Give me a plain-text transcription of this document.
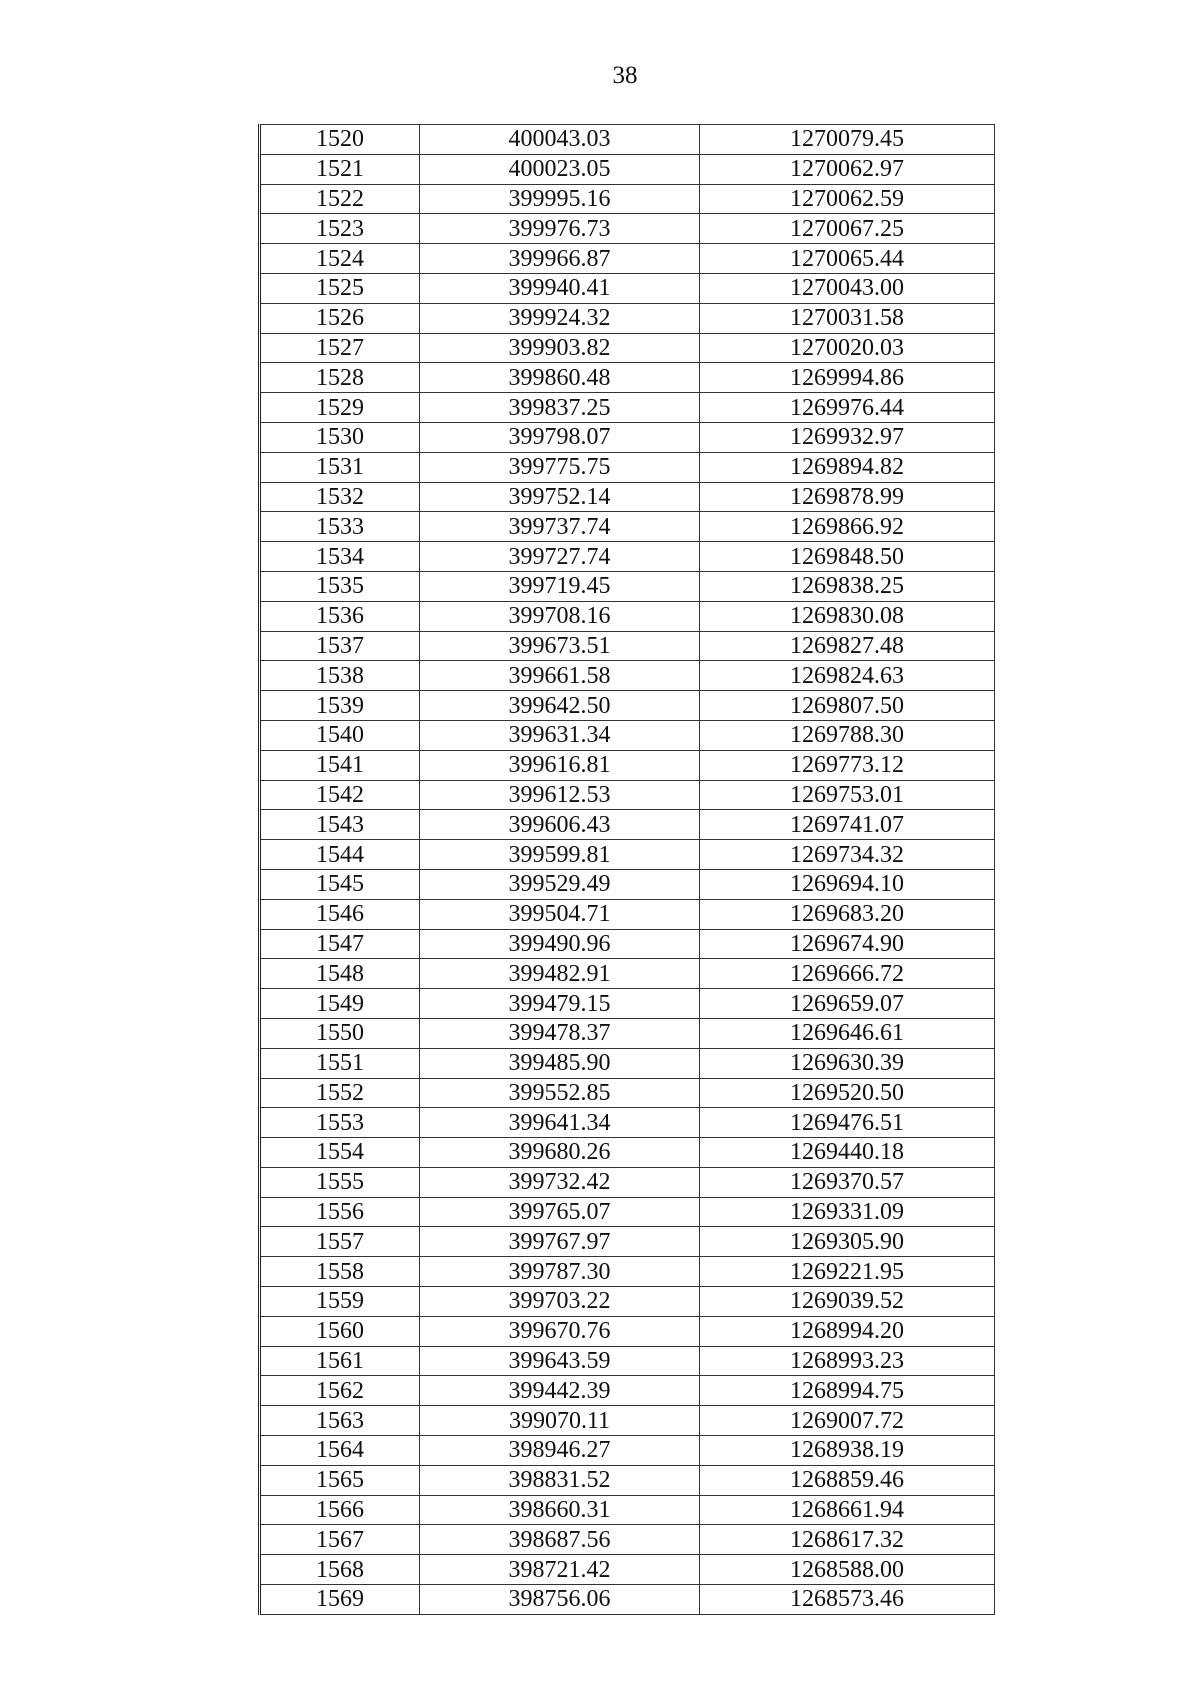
38
1520	400043.03	1270079.45
1521	400023.05	1270062.97
1522	399995.16	1270062.59
1523	399976.73	1270067.25
1524	399966.87	1270065.44
1525	399940.41	1270043.00
1526	399924.32	1270031.58
1527	399903.82	1270020.03
1528	399860.48	1269994.86
1529	399837.25	1269976.44
1530	399798.07	1269932.97
1531	399775.75	1269894.82
1532	399752.14	1269878.99
1533	399737.74	1269866.92
1534	399727.74	1269848.50
1535	399719.45	1269838.25
1536	399708.16	1269830.08
1537	399673.51	1269827.48
1538	399661.58	1269824.63
1539	399642.50	1269807.50
1540	399631.34	1269788.30
1541	399616.81	1269773.12
1542	399612.53	1269753.01
1543	399606.43	1269741.07
1544	399599.81	1269734.32
1545	399529.49	1269694.10
1546	399504.71	1269683.20
1547	399490.96	1269674.90
1548	399482.91	1269666.72
1549	399479.15	1269659.07
1550	399478.37	1269646.61
1551	399485.90	1269630.39
1552	399552.85	1269520.50
1553	399641.34	1269476.51
1554	399680.26	1269440.18
1555	399732.42	1269370.57
1556	399765.07	1269331.09
1557	399767.97	1269305.90
1558	399787.30	1269221.95
1559	399703.22	1269039.52
1560	399670.76	1268994.20
1561	399643.59	1268993.23
1562	399442.39	1268994.75
1563	399070.11	1269007.72
1564	398946.27	1268938.19
1565	398831.52	1268859.46
1566	398660.31	1268661.94
1567	398687.56	1268617.32
1568	398721.42	1268588.00
1569	398756.06	1268573.46
